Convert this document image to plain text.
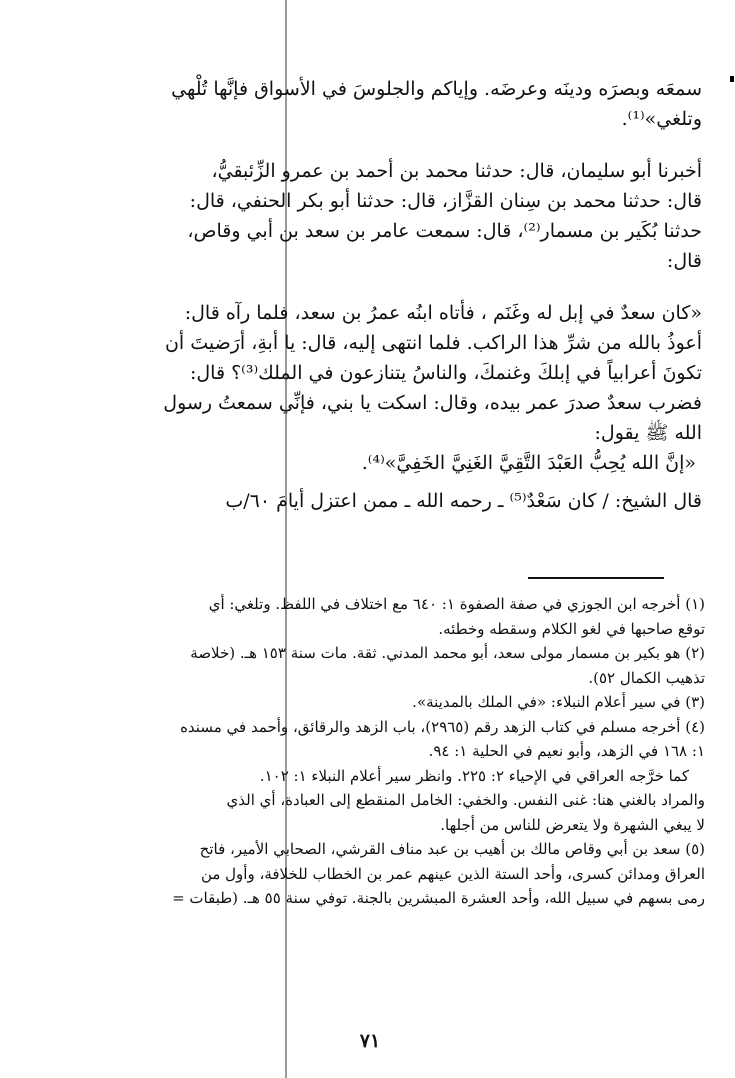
سمعَه وبصرَه ودينَه وعرضَه. وإياكم والجلوسَ في الأسواق فإنَّها تُلْهي
وتلغي»⁽¹⁾.

أخبرنا أبو سليمان، قال: حدثنا محمد بن أحمد بن عمرو الزِّئبقيُّ،
قال: حدثنا محمد بن سِنان القزَّاز، قال: حدثنا أبو بكر الحنفي، قال:
حدثنا بُكَير بن مسمار⁽²⁾، قال: سمعت عامر بن سعد بن أبي وقاص،
قال:

«كان سعدٌ في إبل له وغَنَم ، فأتاه ابنُه عمرُ بن سعد، فلما رآه قال:
أعوذُ بالله من شرِّ هذا الراكب. فلما انتهى إليه، قال: يا أبةِ، أرَضيتَ أن
تكونَ أعرابياً في إبلكَ وغنمكَ، والناسُ يتنازعون في الملك⁽³⁾؟ قال:
فضرب سعدٌ صدرَ عمر بيده، وقال: اسكت يا بني، فإنِّي سمعتُ رسول
الله ﷺ يقول:

«إنَّ الله يُحِبُّ العَبْدَ التَّقِيَّ الغَنِيَّ الخَفِيَّ»⁽⁴⁾.

قال الشيخ: / كان سَعْدٌ⁽⁵⁾ ـ رحمه الله ـ ممن اعتزل أيامَ ٦٠/ب

(١) أخرجه ابن الجوزي في صفة الصفوة ١: ٦٤٠ مع اختلاف في اللفظ. وتلغي: أي
توقع صاحبها في لغو الكلام وسقطه وخطئه.

(٢) هو بكير بن مسمار مولى سعد، أبو محمد المدني. ثقة. مات سنة ١٥٣ هـ. (خلاصة
تذهيب الكمال ٥٢).

(٣) في سير أعلام النبلاء: «في الملك بالمدينة».

(٤) أخرجه مسلم في كتاب الزهد رقم (٢٩٦٥)، باب الزهد والرقائق، وأحمد في مسنده
١: ١٦٨ في الزهد، وأبو نعيم في الحلية ١: ٩٤.

كما خرَّجه العراقي في الإحياء ٢: ٢٢٥. وانظر سير أعلام النبلاء ١: ١٠٢.

والمراد بالغني هنا: غنى النفس. والخفي: الخامل المنقطع إلى العبادة، أي الذي
لا يبغي الشهرة ولا يتعرض للناس من أجلها.

(٥) سعد بن أبي وقاص مالك بن أهيب بن عبد مناف القرشي، الصحابي الأمير، فاتح
العراق ومدائن كسرى، وأحد الستة الذين عينهم عمر بن الخطاب للخلافة، وأول من
رمى بسهم في سبيل الله، وأحد العشرة المبشرين بالجنة. توفي سنة ٥٥ هـ. (طبقات =

٧١
